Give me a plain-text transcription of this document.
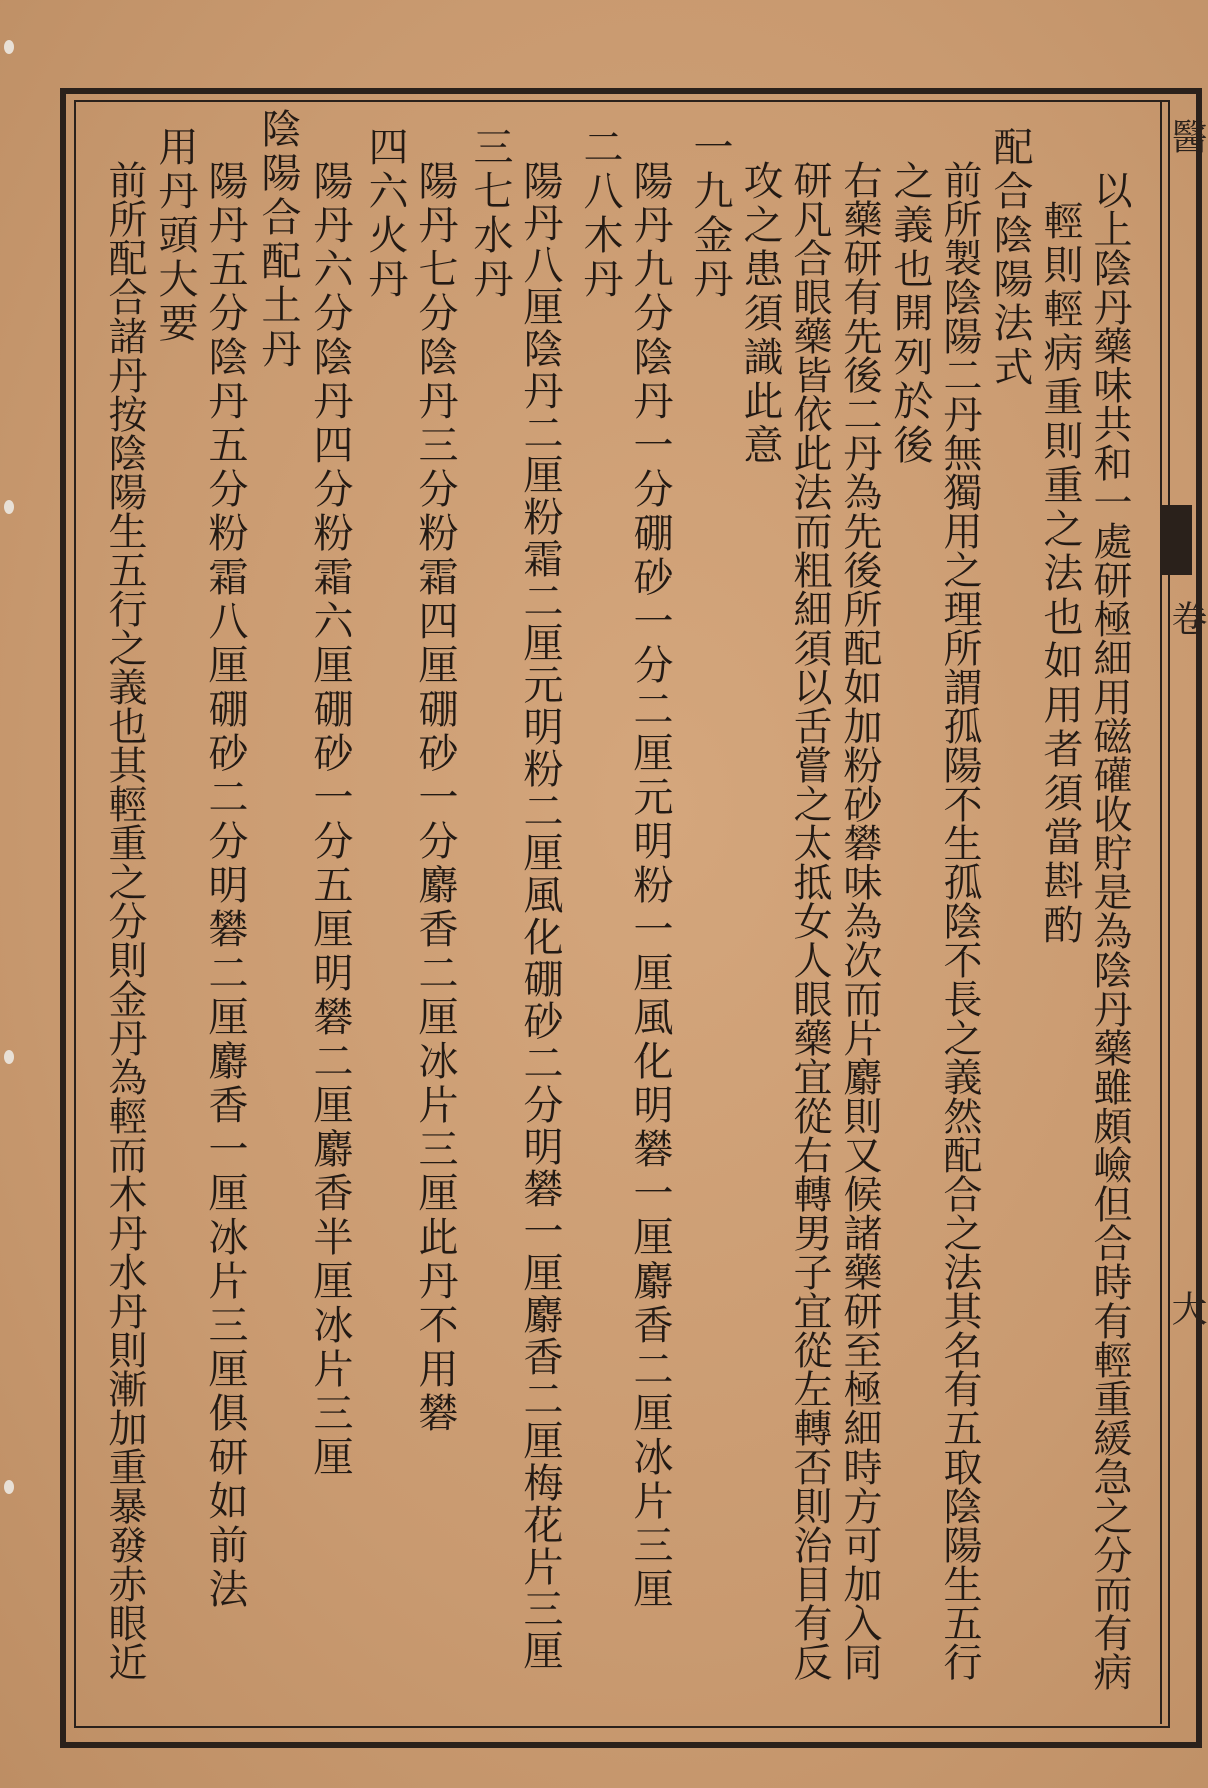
醫
卷
大
以上陰丹藥味共和一處研極細用磁礶收貯是為陰丹藥雖頗嶮但合時有輕重緩急之分而有病
輕則輕病重則重之法也如用者須當斟酌
配合陰陽法式
前所製陰陽二丹無獨用之理所謂孤陽不生孤陰不長之義然配合之法其名有五取陰陽生五行
之義也開列於後
右藥研有先後二丹為先後所配如加粉砂礬味為次而片麝則又候諸藥研至極細時方可加入同
研凡合眼藥皆依此法而粗細須以舌嘗之太抵女人眼藥宜從右轉男子宜從左轉否則治目有反
攻之患須識此意
一九金丹
陽丹九分陰丹一分硼砂一分二厘元明粉一厘風化明礬一厘麝香二厘冰片三厘
二八木丹
陽丹八厘陰丹二厘粉霜二厘元明粉二厘風化硼砂二分明礬一厘麝香二厘梅花片三厘
三七水丹
陽丹七分陰丹三分粉霜四厘硼砂一分麝香二厘冰片三厘此丹不用礬
四六火丹
陽丹六分陰丹四分粉霜六厘硼砂一分五厘明礬二厘麝香半厘冰片三厘
陰陽合配土丹
陽丹五分陰丹五分粉霜八厘硼砂二分明礬二厘麝香一厘冰片三厘俱研如前法
用丹頭大要
前所配合諸丹按陰陽生五行之義也其輕重之分則金丹為輕而木丹水丹則漸加重暴發赤眼近
